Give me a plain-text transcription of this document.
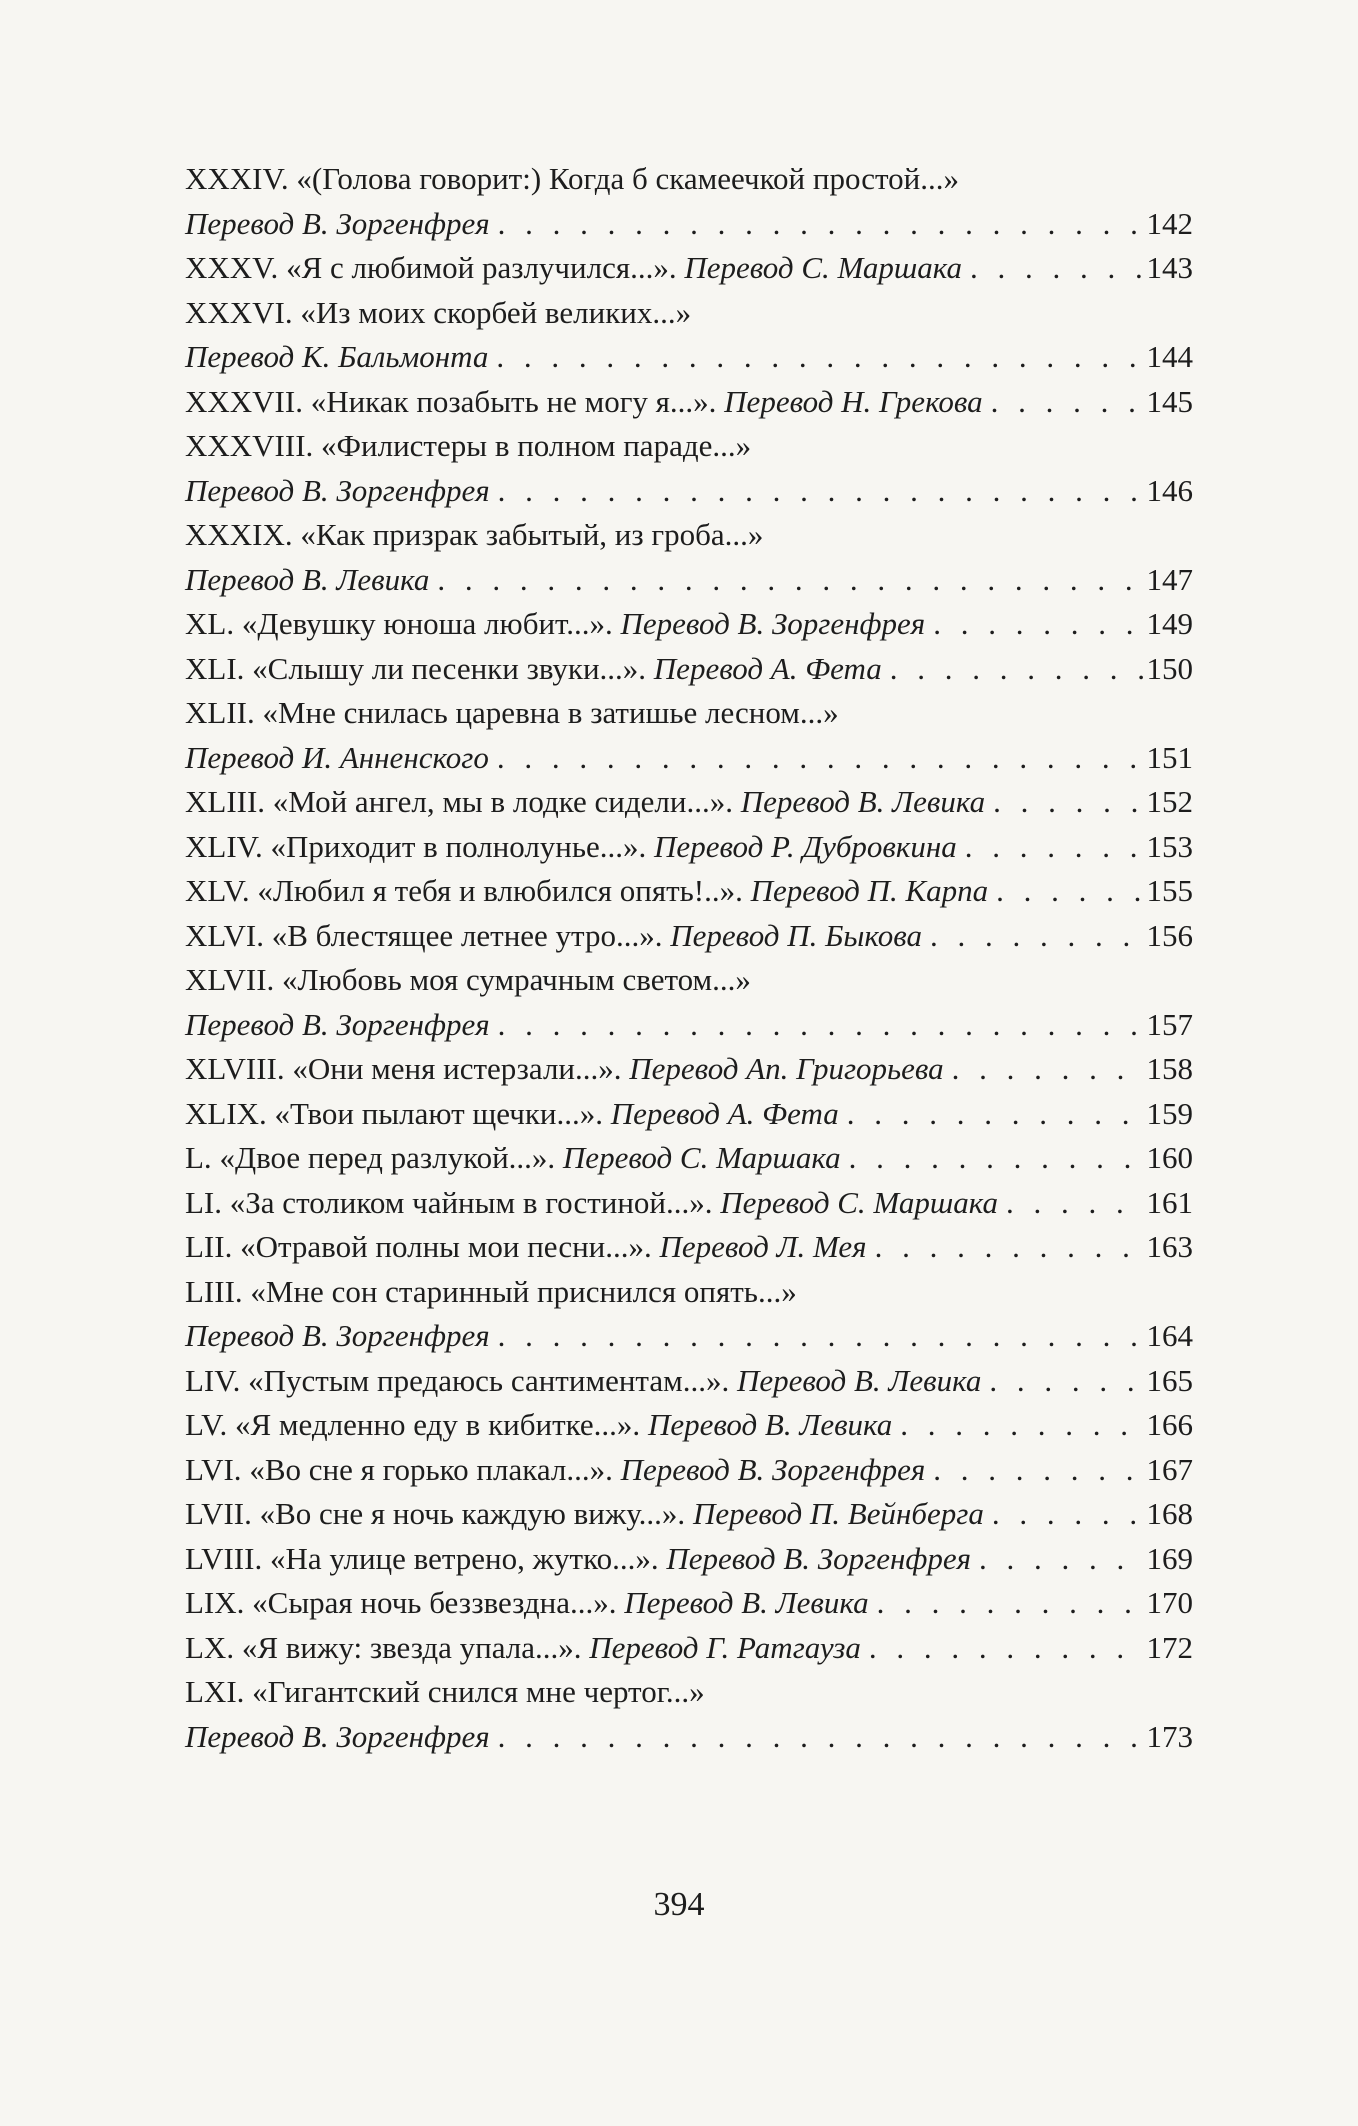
XXXIV. «(Голова говорит:) Когда б скамеечкой простой...»
Перевод В. Зоргенфрея . . .	142
XXXV. «Я с любимой разлучился...». Перевод С. Маршака . . .	143
XXXVI. «Из моих скорбей великих...»
Перевод К. Бальмонта . . .	144
XXXVII. «Никак позабыть не могу я...». Перевод Н. Грекова . . .	145
XXXVIII. «Филистеры в полном параде...»
Перевод В. Зоргенфрея . . .	146
XXXIX. «Как призрак забытый, из гроба...»
Перевод В. Левика . . .	147
XL. «Девушку юноша любит...». Перевод В. Зоргенфрея . . .	149
XLI. «Слышу ли песенки звуки...». Перевод А. Фета . . .	150
XLII. «Мне снилась царевна в затишье лесном...»
Перевод И. Анненского . . .	151
XLIII. «Мой ангел, мы в лодке сидели...». Перевод В. Левика . . .	152
XLIV. «Приходит в полнолунье...». Перевод Р. Дубровкина . . .	153
XLV. «Любил я тебя и влюбился опять!..». Перевод П. Карпа . . .	155
XLVI. «В блестящее летнее утро...». Перевод П. Быкова . . .	156
XLVII. «Любовь моя сумрачным светом...»
Перевод В. Зоргенфрея . . .	157
XLVIII. «Они меня истерзали...». Перевод Ап. Григорьева . . .	158
XLIX. «Твои пылают щечки...». Перевод А. Фета . . .	159
L. «Двое перед разлукой...». Перевод С. Маршака . . .	160
LI. «За столиком чайным в гостиной...». Перевод С. Маршака . . .	161
LII. «Отравой полны мои песни...». Перевод Л. Мея . . .	163
LIII. «Мне сон старинный приснился опять...»
Перевод В. Зоргенфрея . . .	164
LIV. «Пустым предаюсь сантиментам...». Перевод В. Левика . . .	165
LV. «Я медленно еду в кибитке...». Перевод В. Левика . . .	166
LVI. «Во сне я горько плакал...». Перевод В. Зоргенфрея . . .	167
LVII. «Во сне я ночь каждую вижу...». Перевод П. Вейнберга . . .	168
LVIII. «На улице ветрено, жутко...». Перевод В. Зоргенфрея . . .	169
LIX. «Сырая ночь беззвездна...». Перевод В. Левика . . .	170
LX. «Я вижу: звезда упала...». Перевод Г. Ратгауза . . .	172
LXI. «Гигантский снился мне чертог...»
Перевод В. Зоргенфрея . . .	173
394
